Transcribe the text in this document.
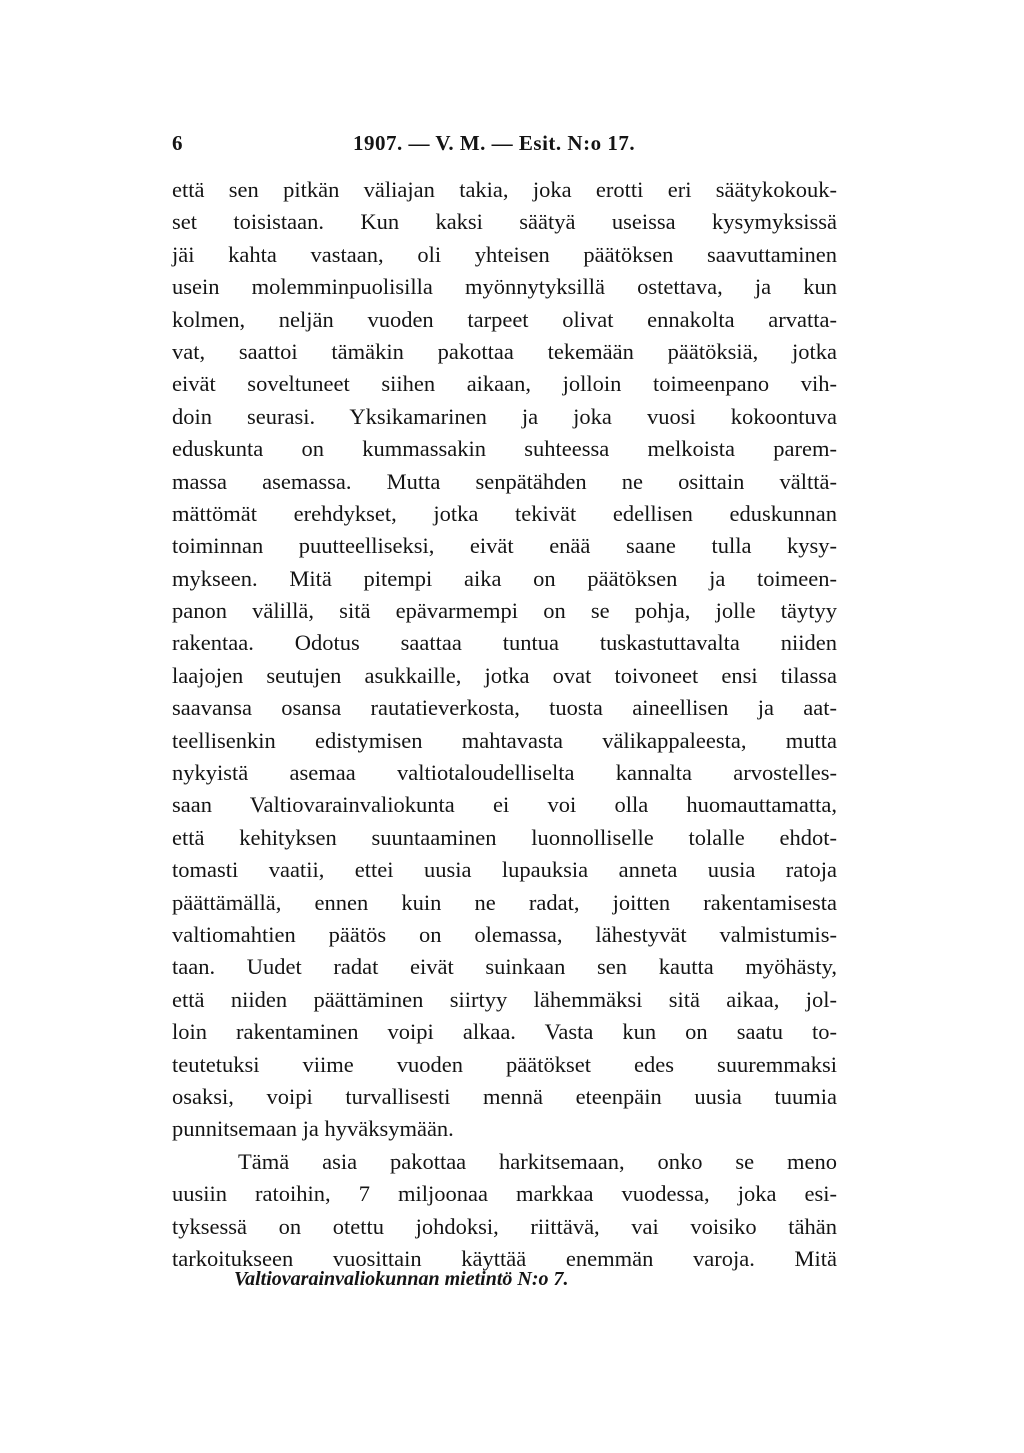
6	1907. — V. M. — Esit. N:o 17.
että sen pitkän väliajan takia, joka erotti eri säätykokouk-
set toisistaan. Kun kaksi säätyä useissa kysymyksissä
jäi kahta vastaan, oli yhteisen päätöksen saavuttaminen
usein molemminpuolisilla myönnytyksillä ostettava, ja kun
kolmen, neljän vuoden tarpeet olivat ennakolta arvatta-
vat, saattoi tämäkin pakottaa tekemään päätöksiä, jotka
eivät soveltuneet siihen aikaan, jolloin toimeenpano vih-
doin seurasi. Yksikamarinen ja joka vuosi kokoontuva
eduskunta on kummassakin suhteessa melkoista parem-
massa asemassa. Mutta senpätähden ne osittain välttä-
mättömät erehdykset, jotka tekivät edellisen eduskunnan
toiminnan puutteelliseksi, eivät enää saane tulla kysy-
mykseen. Mitä pitempi aika on päätöksen ja toimeen-
panon välillä, sitä epävarmempi on se pohja, jolle täytyy
rakentaa. Odotus saattaa tuntua tuskastuttavalta niiden
laajojen seutujen asukkaille, jotka ovat toivoneet ensi tilassa
saavansa osansa rautatieverkosta, tuosta aineellisen ja aat-
teellisenkin edistymisen mahtavasta välikappaleesta, mutta
nykyistä asemaa valtiotaloudelliselta kannalta arvostelles-
saan Valtiovarainvaliokunta ei voi olla huomauttamatta,
että kehityksen suuntaaminen luonnolliselle tolalle ehdot-
tomasti vaatii, ettei uusia lupauksia anneta uusia ratoja
päättämällä, ennen kuin ne radat, joitten rakentamisesta
valtiomahtien päätös on olemassa, lähestyvät valmistumis-
taan. Uudet radat eivät suinkaan sen kautta myöhästy,
että niiden päättäminen siirtyy lähemmäksi sitä aikaa, jol-
loin rakentaminen voipi alkaa. Vasta kun on saatu to-
teutetuksi viime vuoden päätökset edes suuremmaksi
osaksi, voipi turvallisesti mennä eteenpäin uusia tuumia
punnitsemaan ja hyväksymään.
Tämä asia pakottaa harkitsemaan, onko se meno
uusiin ratoihin, 7 miljoonaa markkaa vuodessa, joka esi-
tyksessä on otettu johdoksi, riittävä, vai voisiko tähän
tarkoitukseen vuosittain käyttää enemmän varoja. Mitä
Valtiovarainvaliokunnan mietintö N:o 7.
